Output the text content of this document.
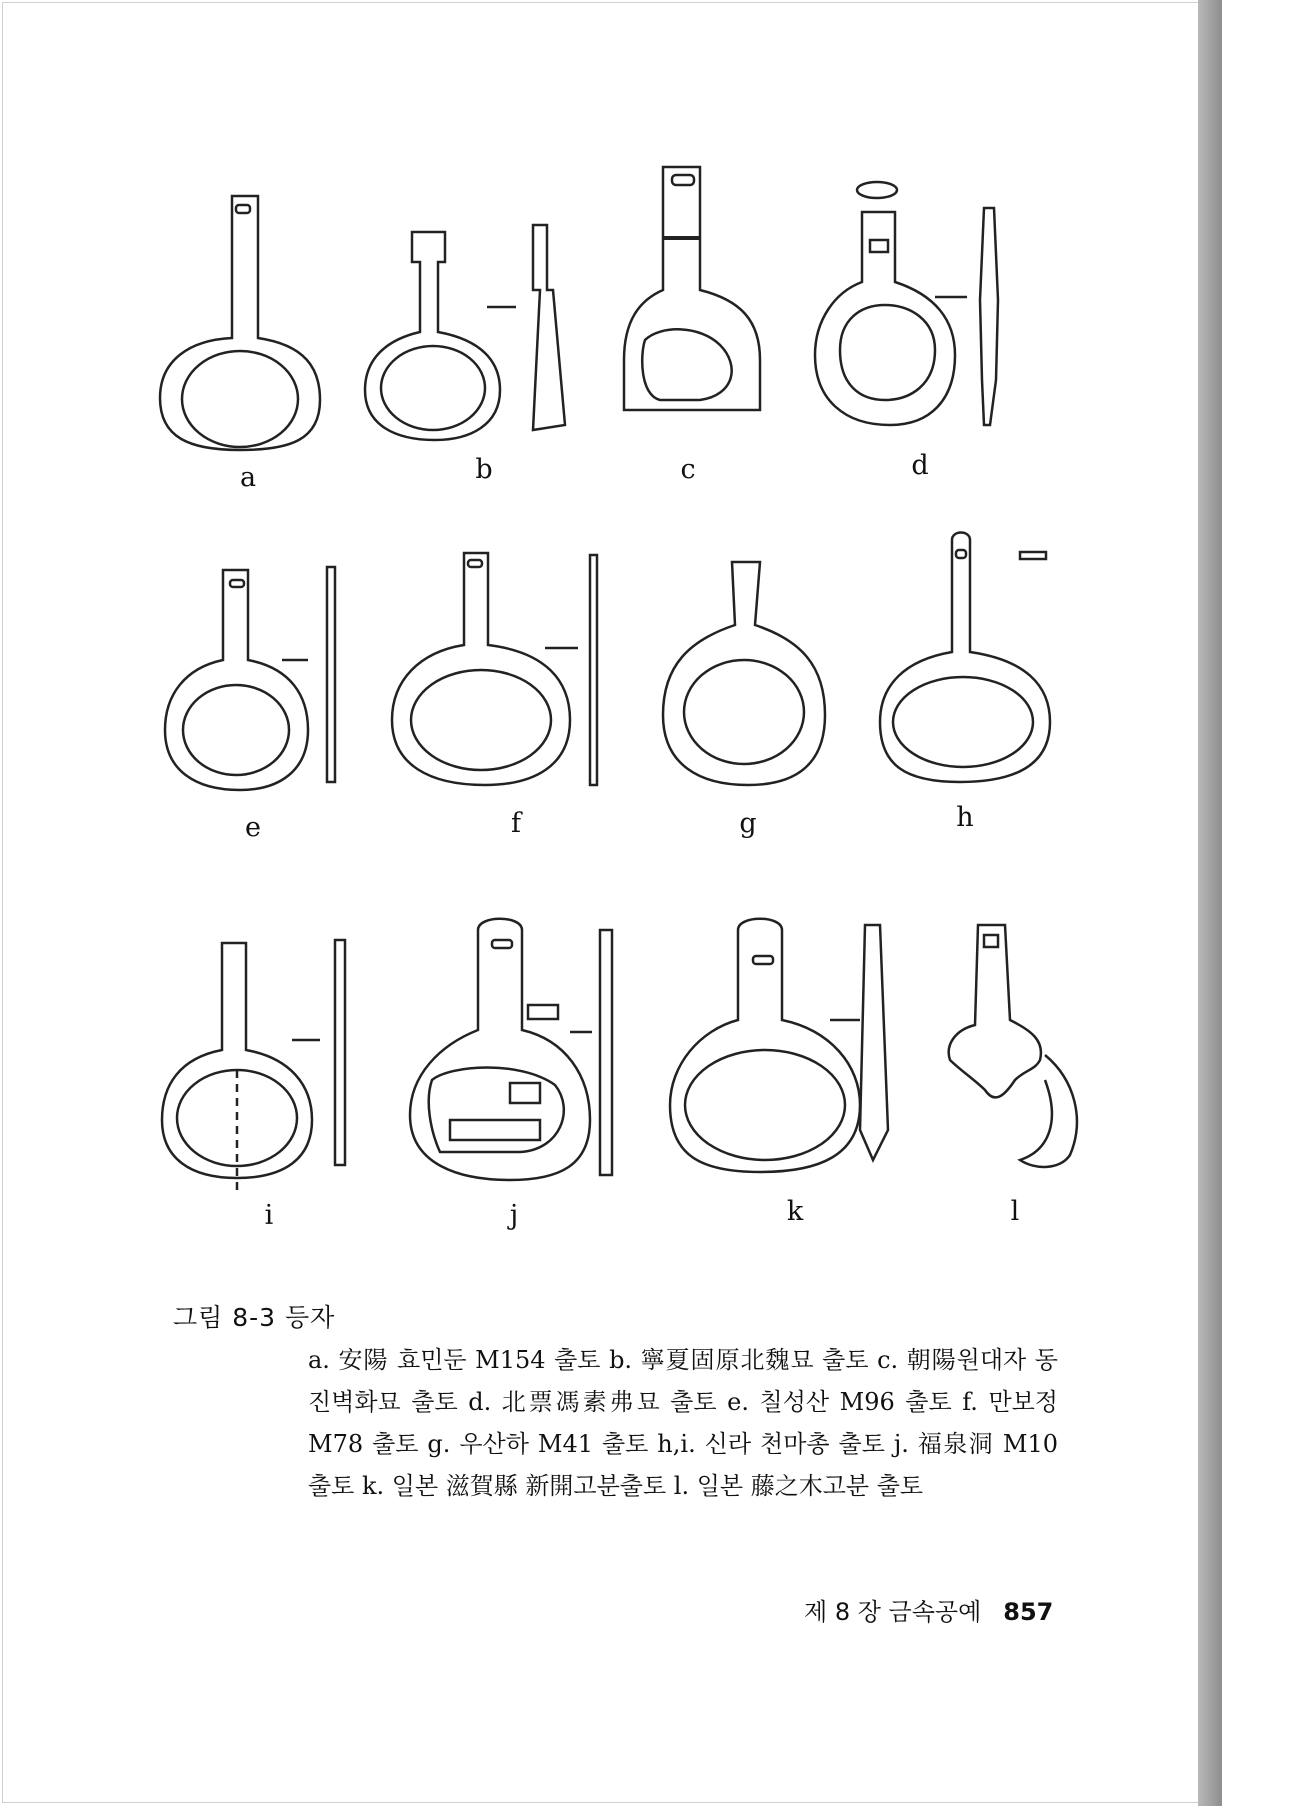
a	b	c	d
e	f	g	h
i	j	k	l
그림 8-3 등자
a. 安陽 효민둔 M154 출토 b. 寧夏固原北魏묘 출토 c. 朝陽원대자 동진벽화묘 출토 d. 北票馮素弗묘 출토 e. 칠성산 M96 출토 f. 만보정 M78 출토 g. 우산하 M41 출토 h,i. 신라 천마총 출토 j. 福泉洞 M10출토 k. 일본 滋賀縣 新開고분출토 l. 일본 藤之木고분 출토
제 8 장 금속공예 857
